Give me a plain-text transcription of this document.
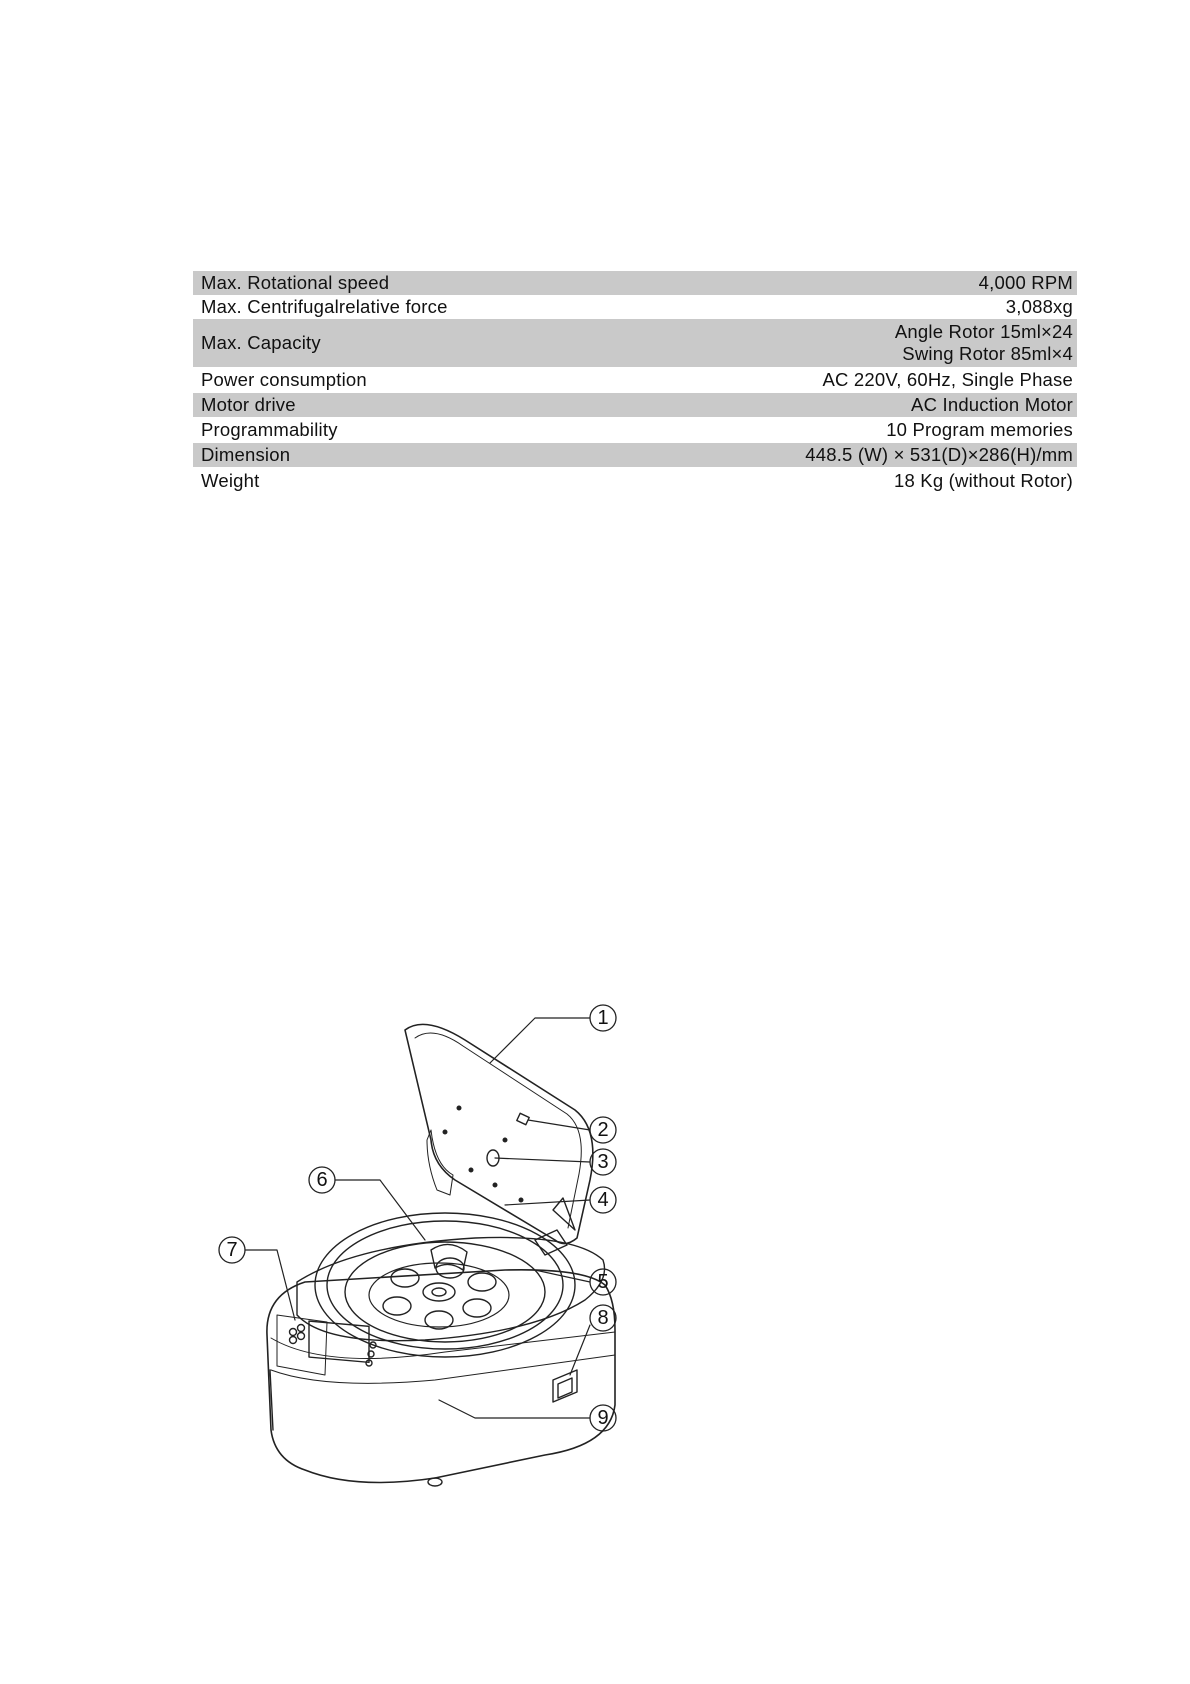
Max. Rotational speed	4,000 RPM
Max. Centrifugalrelative force	3,088xg
Max. Capacity	Angle Rotor 15ml×24
Swing Rotor 85ml×4

Power consumption	AC 220V, 60Hz, Single Phase
Motor drive	AC Induction Motor
Programmability	10 Program memories
Dimension	448.5 (W) × 531(D)×286(H)/mm
Weight	18 Kg (without Rotor)
1
2
3
4
5
6
7
8
9
